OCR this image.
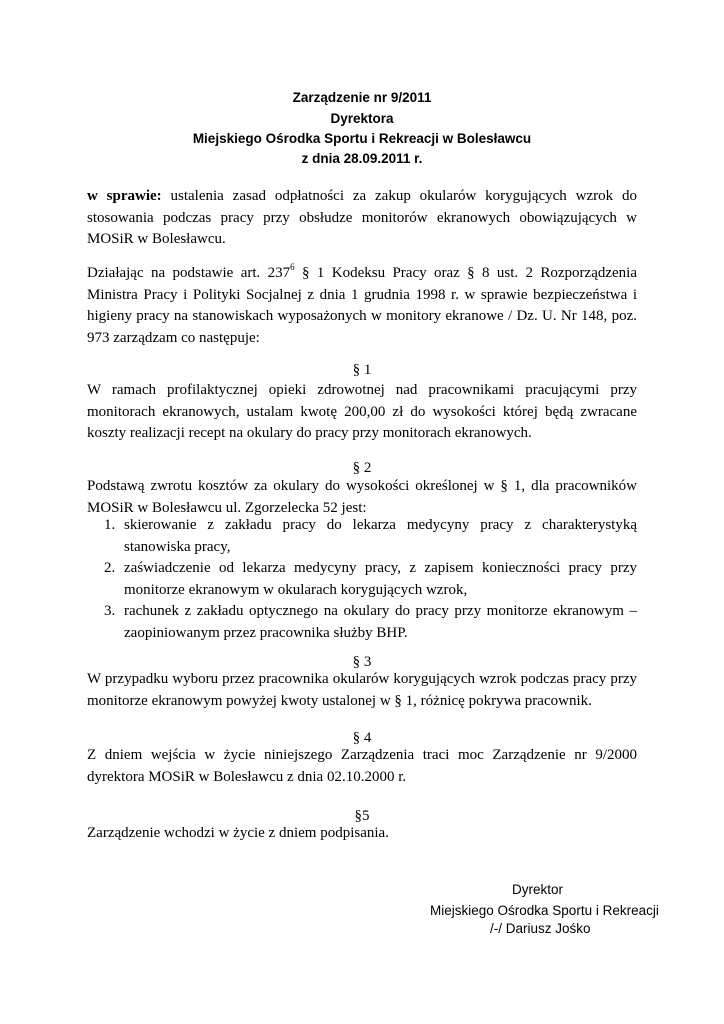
Zarządzenie nr 9/2011
Dyrektora
Miejskiego Ośrodka Sportu i Rekreacji w Bolesławcu
z dnia 28.09.2011 r.
w sprawie: ustalenia zasad odpłatności za zakup okularów korygujących wzrok do stosowania podczas pracy przy obsłudze monitorów ekranowych obowiązujących w MOSiR w Bolesławcu.
Działając na podstawie art. $237^6$ § 1 Kodeksu Pracy oraz § 8 ust. 2 Rozporządzenia Ministra Pracy i Polityki Socjalnej z dnia 1 grudnia 1998 r. w sprawie bezpieczeństwa i higieny pracy na stanowiskach wyposażonych w monitory ekranowe / Dz. U. Nr 148, poz. 973 zarządzam co następuje:
§ 1
W ramach profilaktycznej opieki zdrowotnej nad pracownikami pracującymi przy monitorach ekranowych, ustalam kwotę 200,00 zł do wysokości której będą zwracane koszty realizacji recept na okulary do pracy przy monitorach ekranowych.
§ 2
Podstawą zwrotu kosztów za okulary do wysokości określonej w § 1, dla pracowników MOSiR w Bolesławcu ul. Zgorzelecka 52 jest:
1. skierowanie z zakładu pracy do lekarza medycyny pracy z charakterystyką stanowiska pracy,
2. zaświadczenie od lekarza medycyny pracy, z zapisem konieczności pracy przy monitorze ekranowym w okularach korygujących wzrok,
3. rachunek z zakładu optycznego na okulary do pracy przy monitorze ekranowym – zaopiniowanym przez pracownika służby BHP.
§ 3
W przypadku wyboru przez pracownika okularów korygujących wzrok podczas pracy przy monitorze ekranowym powyżej kwoty ustalonej w § 1, różnicę pokrywa pracownik.
§ 4
Z dniem wejścia w życie niniejszego Zarządzenia traci moc Zarządzenie nr 9/2000 dyrektora MOSiR w Bolesławcu z dnia 02.10.2000 r.
§5
Zarządzenie wchodzi w życie z dniem podpisania.
Dyrektor
Miejskiego Ośrodka Sportu i Rekreacji
/-/ Dariusz Jośko
